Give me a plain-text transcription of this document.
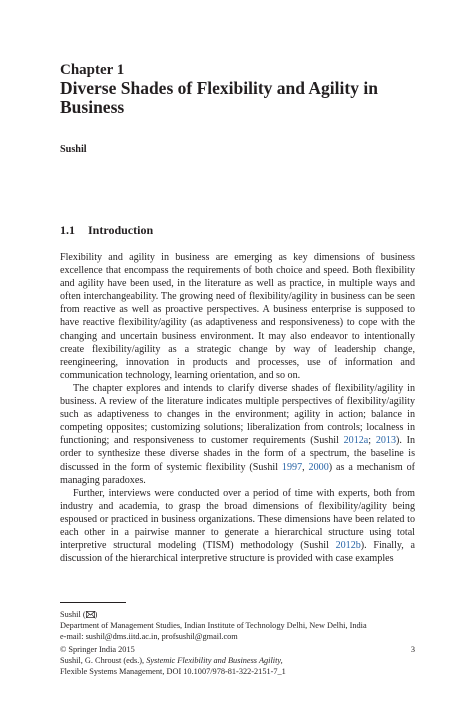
Chapter 1
Diverse Shades of Flexibility and Agility in Business
Sushil
1.1 Introduction

Flexibility and agility in business are emerging as key dimensions of business excellence that encompass the requirements of both choice and speed. Both flexibility and agility have been used, in the literature as well as practice, in multiple ways and often interchangeability. The growing need of flexibility/agility in business can be seen from reactive as well as proactive perspectives. A business enterprise is supposed to have reactive flexibility/agility (as adaptiveness and responsiveness) to cope with the changing and uncertain business environment. It may also endeavor to intentionally create flexibility/agility as a strategic change by way of leadership change, reengineering, innovation in products and processes, use of information and communication technology, learning orientation, and so on.

The chapter explores and intends to clarify diverse shades of flexibility/agility in business. A review of the literature indicates multiple perspectives of flexibility/agility such as adaptiveness to changes in the environment; agility in action; balance in competing opposites; customizing solutions; liberalization from controls; localness in functioning; and responsiveness to customer requirements (Sushil 2012a; 2013). In order to synthesize these diverse shades in the form of a spectrum, the baseline is discussed in the form of systemic flexibility (Sushil 1997, 2000) as a mechanism of managing paradoxes.

Further, interviews were conducted over a period of time with experts, both from industry and academia, to grasp the broad dimensions of flexibility/agility being espoused or practiced in business organizations. These dimensions have been related to each other in a pairwise manner to generate a hierarchical structure using total interpretive structural modeling (TISM) methodology (Sushil 2012b). Finally, a discussion of the hierarchical interpretive structure is provided with case examples

Sushil ( )
Department of Management Studies, Indian Institute of Technology Delhi, New Delhi, India
e-mail: sushil@dms.iitd.ac.in, profsushil@gmail.com
© Springer India 2015	3
Sushil, G. Chroust (eds.), Systemic Flexibility and Business Agility,
Flexible Systems Management, DOI 10.1007/978-81-322-2151-7_1
